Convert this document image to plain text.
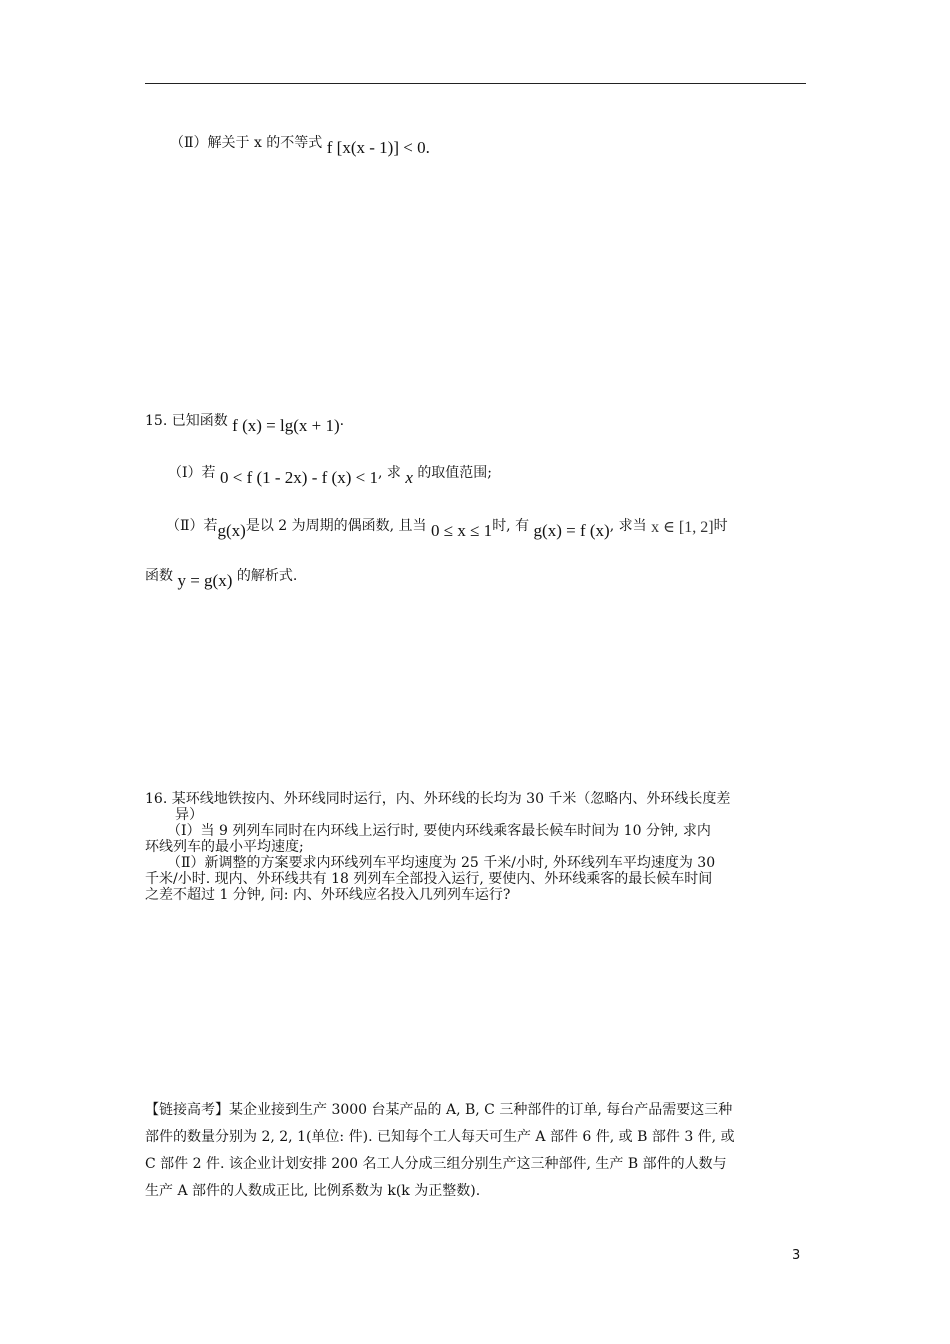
（Ⅱ）解关于 x 的不等式 f [x(x - 1)] < 0.
15. 已知函数 f (x) = lg(x + 1).
（Ⅰ）若 0 < f (1 - 2x) - f (x) < 1, 求 x 的取值范围;
（Ⅱ）若g(x)是以 2 为周期的偶函数, 且当 0 ≤ x ≤ 1时, 有 g(x) = f (x), 求当 x ∈ [1, 2]时
函数 y = g(x) 的解析式.

16. 某环线地铁按内、外环线同时运行，内、外环线的长均为 30 千米（忽略内、外环线长度差

异）

（Ⅰ）当 9 列列车同时在内环线上运行时, 要使内环线乘客最长候车时间为 10 分钟, 求内

环线列车的最小平均速度;

（Ⅱ）新调整的方案要求内环线列车平均速度为 25 千米/小时, 外环线列车平均速度为 30

千米/小时. 现内、外环线共有 18 列列车全部投入运行, 要使内、外环线乘客的最长候车时间

之差不超过 1 分钟, 问: 内、外环线应名投入几列列车运行?

【链接高考】某企业接到生产 3000 台某产品的 A, B, C 三种部件的订单, 每台产品需要这三种

部件的数量分别为 2, 2, 1(单位: 件). 已知每个工人每天可生产 A 部件 6 件, 或 B 部件 3 件, 或

C 部件 2 件. 该企业计划安排 200 名工人分成三组分别生产这三种部件, 生产 B 部件的人数与

生产 A 部件的人数成正比, 比例系数为 k(k 为正整数).

3
